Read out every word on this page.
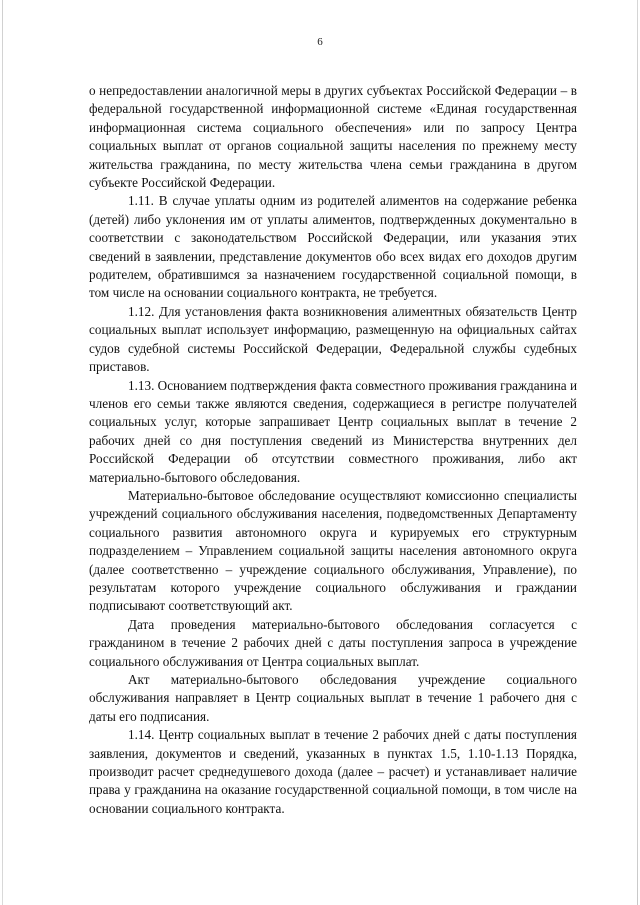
6

о непредоставлении аналогичной меры в других субъектах Российской Федерации – в федеральной государственной информационной системе «Единая государственная информационная система социального обеспечения» или по запросу Центра социальных выплат от органов социальной защиты населения по прежнему месту жительства гражданина, по месту жительства члена семьи гражданина в другом субъекте Российской Федерации.

1.11. В случае уплаты одним из родителей алиментов на содержание ребенка (детей) либо уклонения им от уплаты алиментов, подтвержденных документально в соответствии с законодательством Российской Федерации, или указания этих сведений в заявлении, представление документов обо всех видах его доходов другим родителем, обратившимся за назначением государственной социальной помощи, в том числе на основании социального контракта, не требуется.

1.12. Для установления факта возникновения алиментных обязательств Центр социальных выплат использует информацию, размещенную на официальных сайтах судов судебной системы Российской Федерации, Федеральной службы судебных приставов.

1.13. Основанием подтверждения факта совместного проживания гражданина и членов его семьи также являются сведения, содержащиеся в регистре получателей социальных услуг, которые запрашивает Центр социальных выплат в течение 2 рабочих дней со дня поступления сведений из Министерства внутренних дел Российской Федерации об отсутствии совместного проживания, либо акт материально-бытового обследования.

Материально-бытовое обследование осуществляют комиссионно специалисты учреждений социального обслуживания населения, подведомственных Департаменту социального развития автономного округа и курируемых его структурным подразделением – Управлением социальной защиты населения автономного округа (далее соответственно – учреждение социального обслуживания, Управление), по результатам которого учреждение социального обслуживания и граждании подписывают соответствующий акт.

Дата проведения материально-бытового обследования согласуется с гражданином в течение 2 рабочих дней с даты поступления запроса в учреждение социального обслуживания от Центра социальных выплат.

Акт материально-бытового обследования учреждение социального обслуживания направляет в Центр социальных выплат в течение 1 рабочего дня с даты его подписания.

1.14. Центр социальных выплат в течение 2 рабочих дней с даты поступления заявления, документов и сведений, указанных в пунктах 1.5, 1.10-1.13 Порядка, производит расчет среднедушевого дохода (далее – расчет) и устанавливает наличие права у гражданина на оказание государственной социальной помощи, в том числе на основании социального контракта.
